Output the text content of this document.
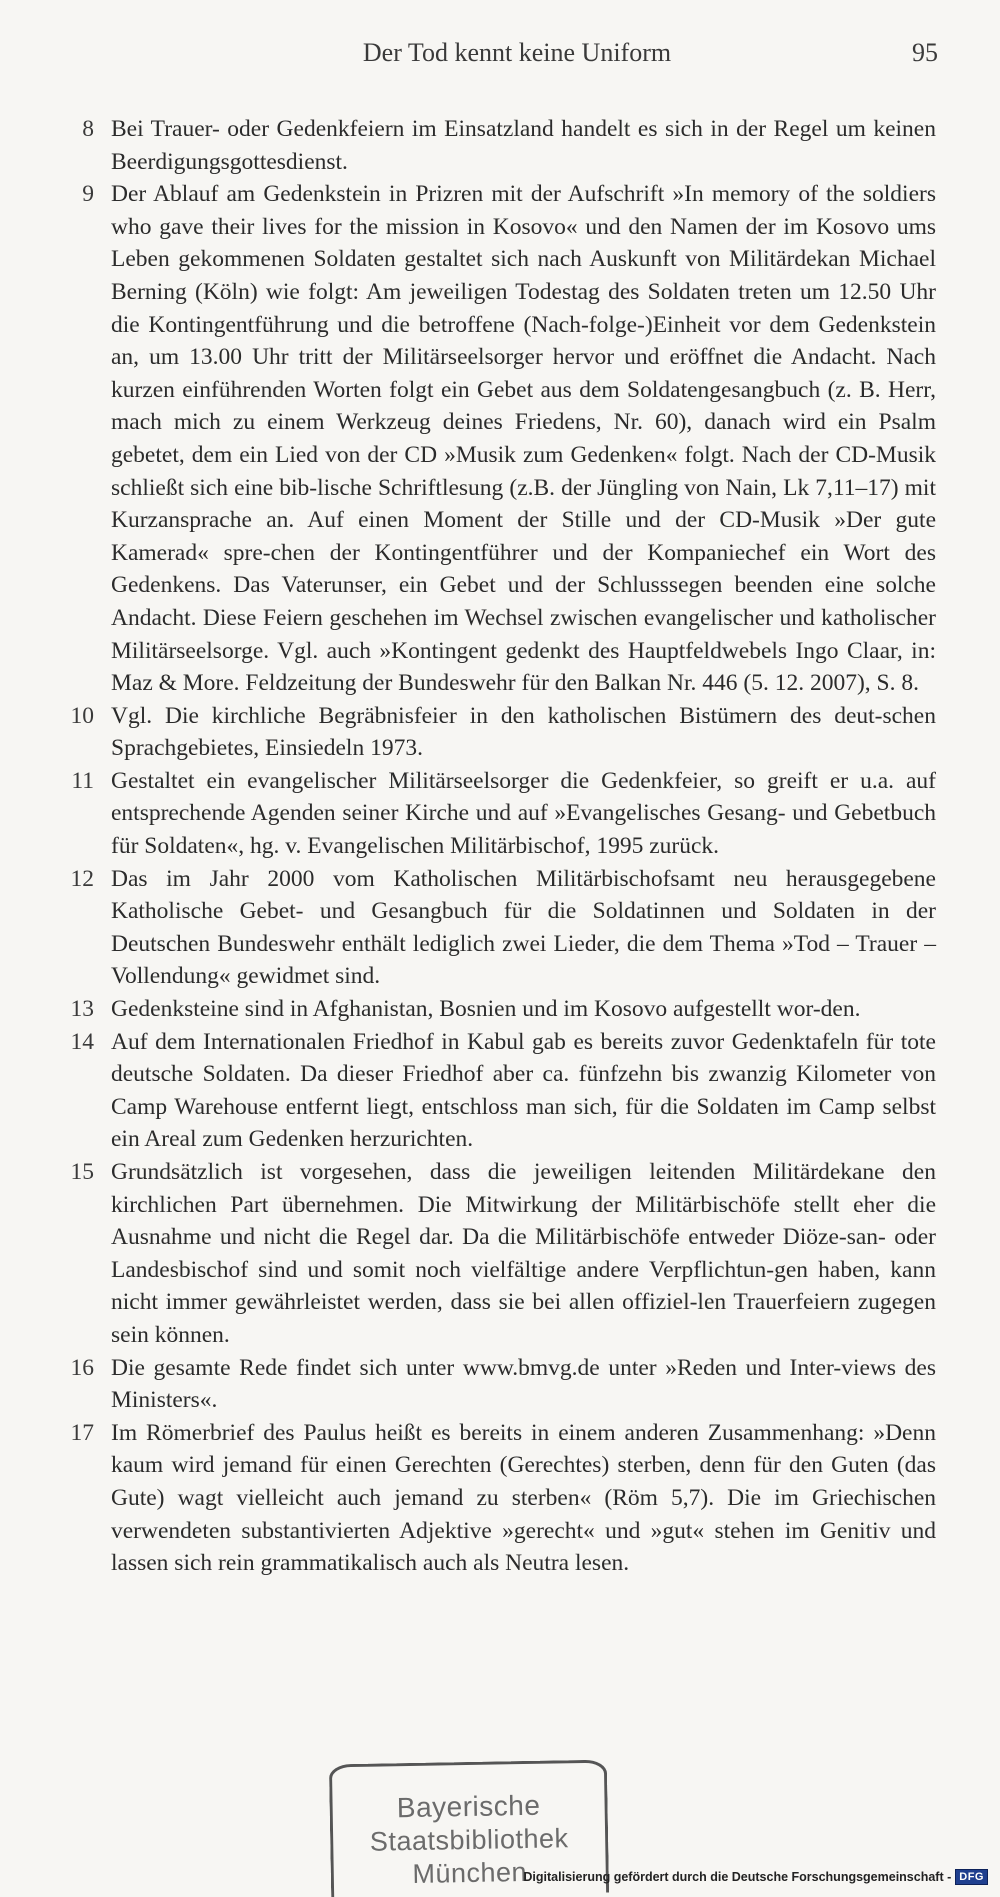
Der Tod kennt keine Uniform	95
8 Bei Trauer- oder Gedenkfeiern im Einsatzland handelt es sich in der Regel um keinen Beerdigungsgottesdienst.
9 Der Ablauf am Gedenkstein in Prizren mit der Aufschrift »In memory of the soldiers who gave their lives for the mission in Kosovo« und den Namen der im Kosovo ums Leben gekommenen Soldaten gestaltet sich nach Auskunft von Militärdekan Michael Berning (Köln) wie folgt: Am jeweiligen Todestag des Soldaten treten um 12.50 Uhr die Kontingentführung und die betroffene (Nach-folge-)Einheit vor dem Gedenkstein an, um 13.00 Uhr tritt der Militärseelsorger hervor und eröffnet die Andacht. Nach kurzen einführenden Worten folgt ein Gebet aus dem Soldatengesangbuch (z. B. Herr, mach mich zu einem Werkzeug deines Friedens, Nr. 60), danach wird ein Psalm gebetet, dem ein Lied von der CD »Musik zum Gedenken« folgt. Nach der CD-Musik schließt sich eine bib-lische Schriftlesung (z.B. der Jüngling von Nain, Lk 7,11–17) mit Kurzansprache an. Auf einen Moment der Stille und der CD-Musik »Der gute Kamerad« spre-chen der Kontingentführer und der Kompaniechef ein Wort des Gedenkens. Das Vaterunser, ein Gebet und der Schlusssegen beenden eine solche Andacht. Diese Feiern geschehen im Wechsel zwischen evangelischer und katholischer Militärseelsorge. Vgl. auch »Kontingent gedenkt des Hauptfeldwebels Ingo Claar, in: Maz & More. Feldzeitung der Bundeswehr für den Balkan Nr. 446 (5. 12. 2007), S. 8.
10 Vgl. Die kirchliche Begräbnisfeier in den katholischen Bistümern des deut-schen Sprachgebietes, Einsiedeln 1973.
11 Gestaltet ein evangelischer Militärseelsorger die Gedenkfeier, so greift er u.a. auf entsprechende Agenden seiner Kirche und auf »Evangelisches Gesang- und Gebetbuch für Soldaten«, hg. v. Evangelischen Militärbischof, 1995 zurück.
12 Das im Jahr 2000 vom Katholischen Militärbischofsamt neu herausgegebene Katholische Gebet- und Gesangbuch für die Soldatinnen und Soldaten in der Deutschen Bundeswehr enthält lediglich zwei Lieder, die dem Thema »Tod – Trauer – Vollendung« gewidmet sind.
13 Gedenksteine sind in Afghanistan, Bosnien und im Kosovo aufgestellt wor-den.
14 Auf dem Internationalen Friedhof in Kabul gab es bereits zuvor Gedenktafeln für tote deutsche Soldaten. Da dieser Friedhof aber ca. fünfzehn bis zwanzig Kilometer von Camp Warehouse entfernt liegt, entschloss man sich, für die Soldaten im Camp selbst ein Areal zum Gedenken herzurichten.
15 Grundsätzlich ist vorgesehen, dass die jeweiligen leitenden Militärdekane den kirchlichen Part übernehmen. Die Mitwirkung der Militärbischöfe stellt eher die Ausnahme und nicht die Regel dar. Da die Militärbischöfe entweder Diöze-san- oder Landesbischof sind und somit noch vielfältige andere Verpflichtun-gen haben, kann nicht immer gewährleistet werden, dass sie bei allen offiziel-len Trauerfeiern zugegen sein können.
16 Die gesamte Rede findet sich unter www.bmvg.de unter »Reden und Inter-views des Ministers«.
17 Im Römerbrief des Paulus heißt es bereits in einem anderen Zusammenhang: »Denn kaum wird jemand für einen Gerechten (Gerechtes) sterben, denn für den Guten (das Gute) wagt vielleicht auch jemand zu sterben« (Röm 5,7). Die im Griechischen verwendeten substantivierten Adjektive »gerecht« und »gut« stehen im Genitiv und lassen sich rein grammatikalisch auch als Neutra lesen.
Bayerische
Staatsbibliothek
München
Digitalisierung gefördert durch die Deutsche Forschungsgemeinschaft - DFG
